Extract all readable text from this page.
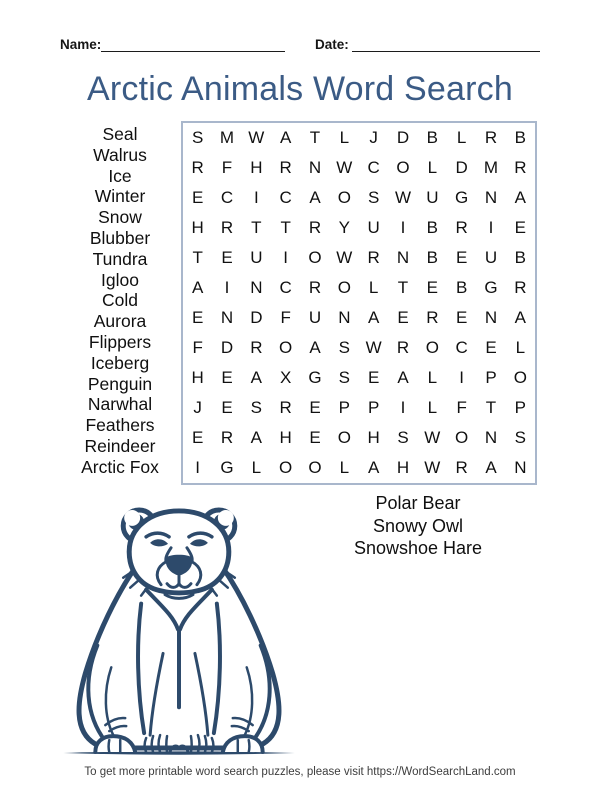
Name:	Date:
Arctic Animals Word Search
Seal
Walrus
Ice
Winter
Snow
Blubber
Tundra
Igloo
Cold
Aurora
Flippers
Iceberg
Penguin
Narwhal
Feathers
Reindeer
Arctic Fox
S M W A	T	L	J	D	B	L	R	B
R	F	H	R	N W C O	L	D M R
E	C	I	C	A	O	S W U G N	A
H	R	T	T	R	Y	U	I	B	R	I	E
T	E	U	I	O W R	N	B	E	U	B
A	I	N	C	R O	L	T	E	B	G R
E	N	D	F	U	N	A	E	R	E	N	A
F	D	R O	A	S W R O C	E	L
H	E	A	X	G	S	E	A	L	I	P	O
J	E	S	R	E	P	P	I	L	F	T	P
E	R	A	H	E	O H	S W O N	S
I	G	L	O O	L	A	H W R	A	N
Polar Bear
Snowy Owl
Snowshoe Hare
To get more printable word search puzzles, please visit https://WordSearchLand.com
